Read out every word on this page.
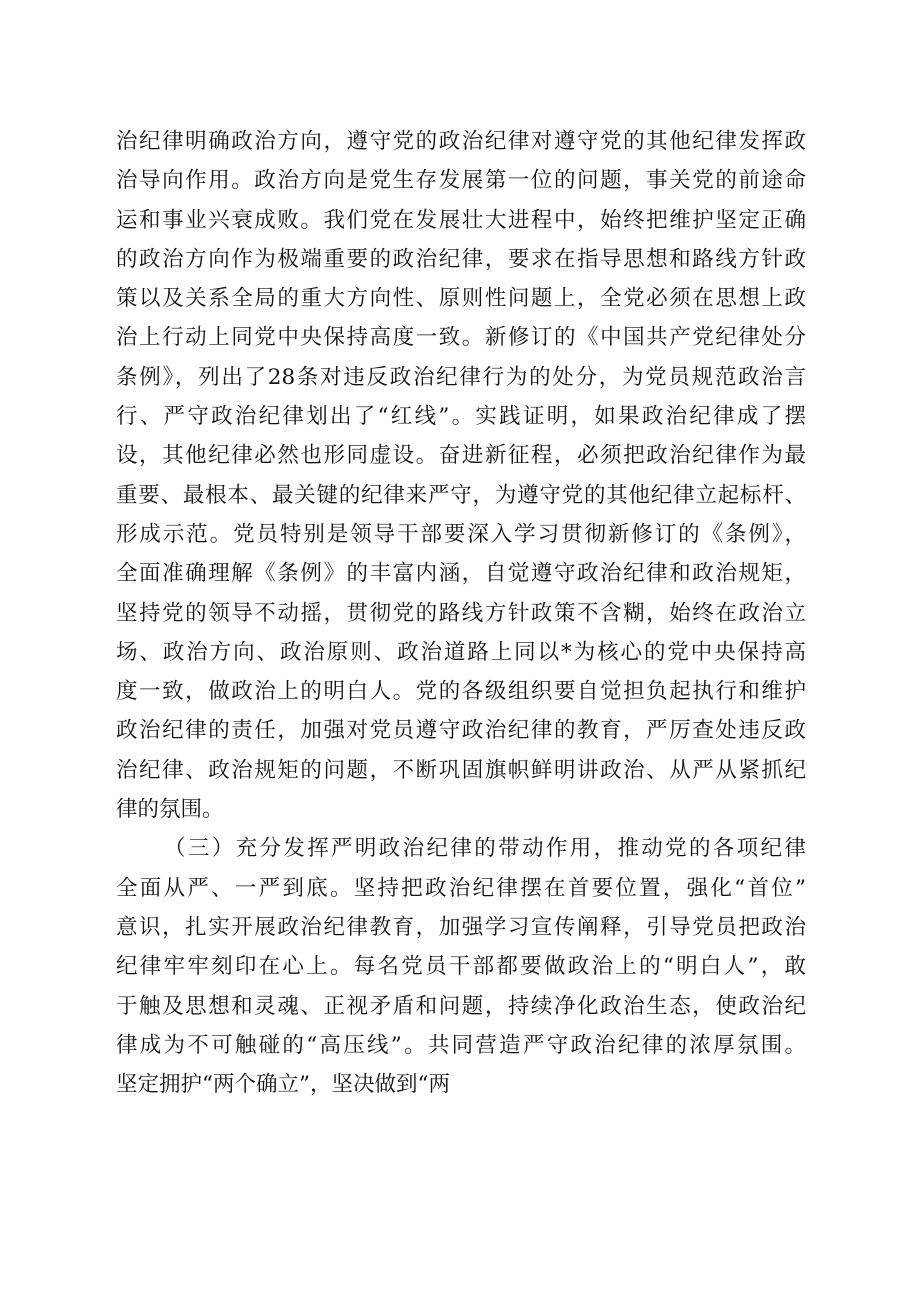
治纪律明确政治方向，遵守党的政治纪律对遵守党的其他纪律发挥政
治导向作用。政治方向是党生存发展第一位的问题，事关党的前途命
运和事业兴衰成败。我们党在发展壮大进程中，始终把维护坚定正确
的政治方向作为极端重要的政治纪律，要求在指导思想和路线方针政
策以及关系全局的重大方向性、原则性问题上，全党必须在思想上政
治上行动上同党中央保持高度一致。新修订的《中国共产党纪律处分
条例》，列出了28条对违反政治纪律行为的处分，为党员规范政治言
行、严守政治纪律划出了“红线”。实践证明，如果政治纪律成了摆
设，其他纪律必然也形同虚设。奋进新征程，必须把政治纪律作为最
重要、最根本、最关键的纪律来严守，为遵守党的其他纪律立起标杆、
形成示范。党员特别是领导干部要深入学习贯彻新修订的《条例》，
全面准确理解《条例》的丰富内涵，自觉遵守政治纪律和政治规矩，
坚持党的领导不动摇，贯彻党的路线方针政策不含糊，始终在政治立
场、政治方向、政治原则、政治道路上同以*为核心的党中央保持高
度一致，做政治上的明白人。党的各级组织要自觉担负起执行和维护
政治纪律的责任，加强对党员遵守政治纪律的教育，严厉查处违反政
治纪律、政治规矩的问题，不断巩固旗帜鲜明讲政治、从严从紧抓纪
律的氛围。
（三）充分发挥严明政治纪律的带动作用，推动党的各项纪律
全面从严、一严到底。坚持把政治纪律摆在首要位置，强化“首位”
意识，扎实开展政治纪律教育，加强学习宣传阐释，引导党员把政治
纪律牢牢刻印在心上。每名党员干部都要做政治上的“明白人”，敢
于触及思想和灵魂、正视矛盾和问题，持续净化政治生态，使政治纪
律成为不可触碰的“高压线”。共同营造严守政治纪律的浓厚氛围。
坚定拥护“两个确立”，坚决做到“两
